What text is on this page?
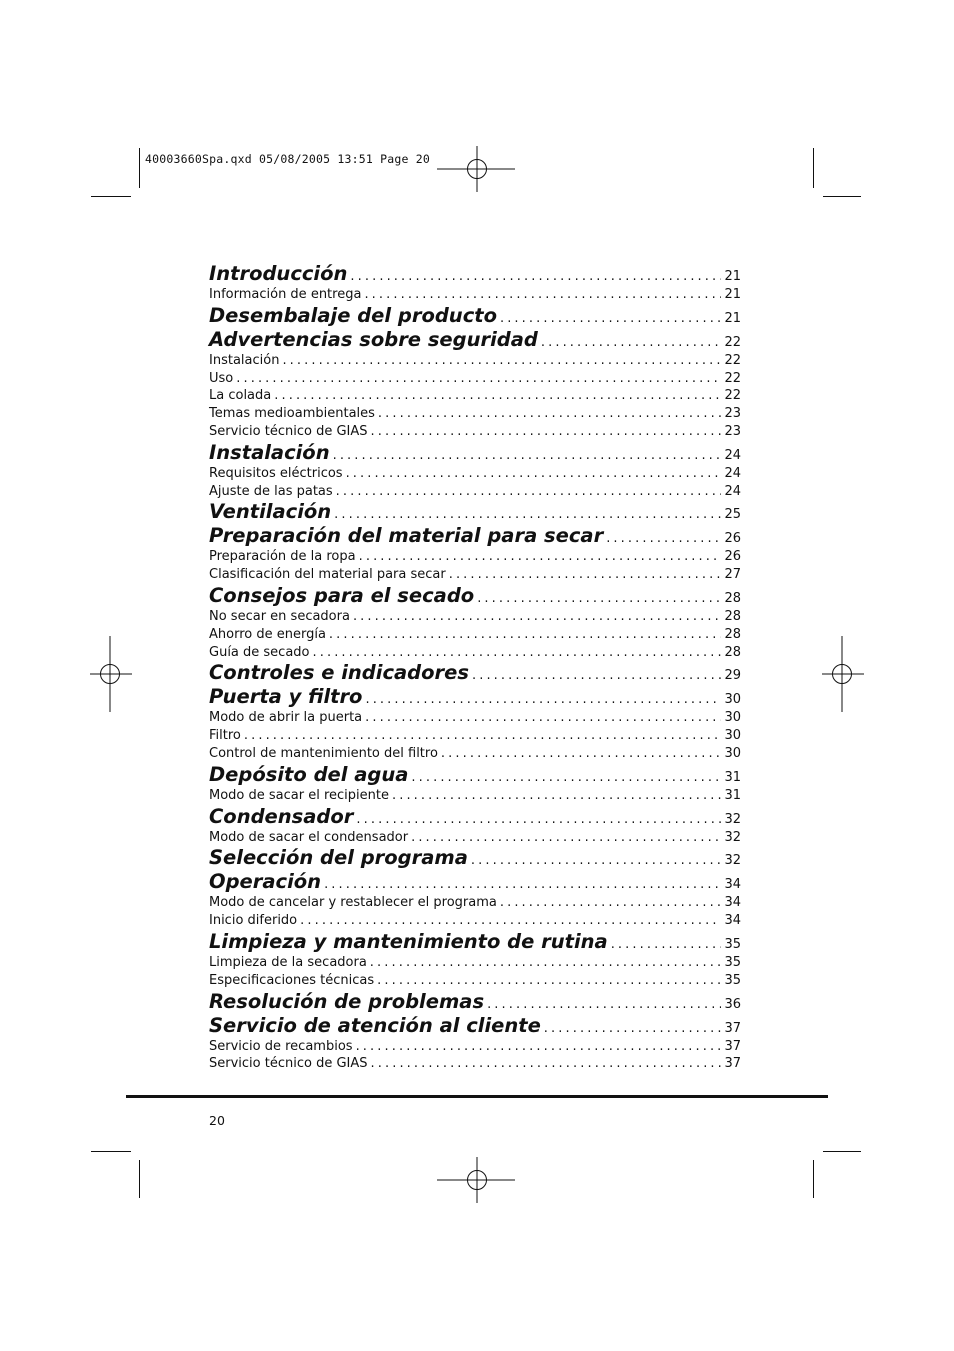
40003660Spa.qxd 05/08/2005 13:51 Page 20
Introducción .....	21
Información de entrega .....	21
Desembalaje del producto .....	21
Advertencias sobre seguridad .....	22
Instalación .....	22
Uso .....	22
La colada .....	22
Temas medioambientales .....	23
Servicio técnico de GIAS .....	23
Instalación .....	24
Requisitos eléctricos .....	24
Ajuste de las patas .....	24
Ventilación .....	25
Preparación del material para secar .....	26
Preparación de la ropa .....	26
Clasificación del material para secar .....	27
Consejos para el secado .....	28
No secar en secadora .....	28
Ahorro de energía .....	28
Guía de secado .....	28
Controles e indicadores .....	29
Puerta y filtro .....	30
Modo de abrir la puerta .....	30
Filtro .....	30
Control de mantenimiento del filtro .....	30
Depósito del agua .....	31
Modo de sacar el recipiente .....	31
Condensador .....	32
Modo de sacar el condensador .....	32
Selección del programa .....	32
Operación .....	34
Modo de cancelar y restablecer el programa .....	34
Inicio diferido .....	34
Limpieza y mantenimiento de rutina .....	35
Limpieza de la secadora .....	35
Especificaciones técnicas .....	35
Resolución de problemas .....	36
Servicio de atención al cliente .....	37
Servicio de recambios .....	37
Servicio técnico de GIAS .....	37
20
